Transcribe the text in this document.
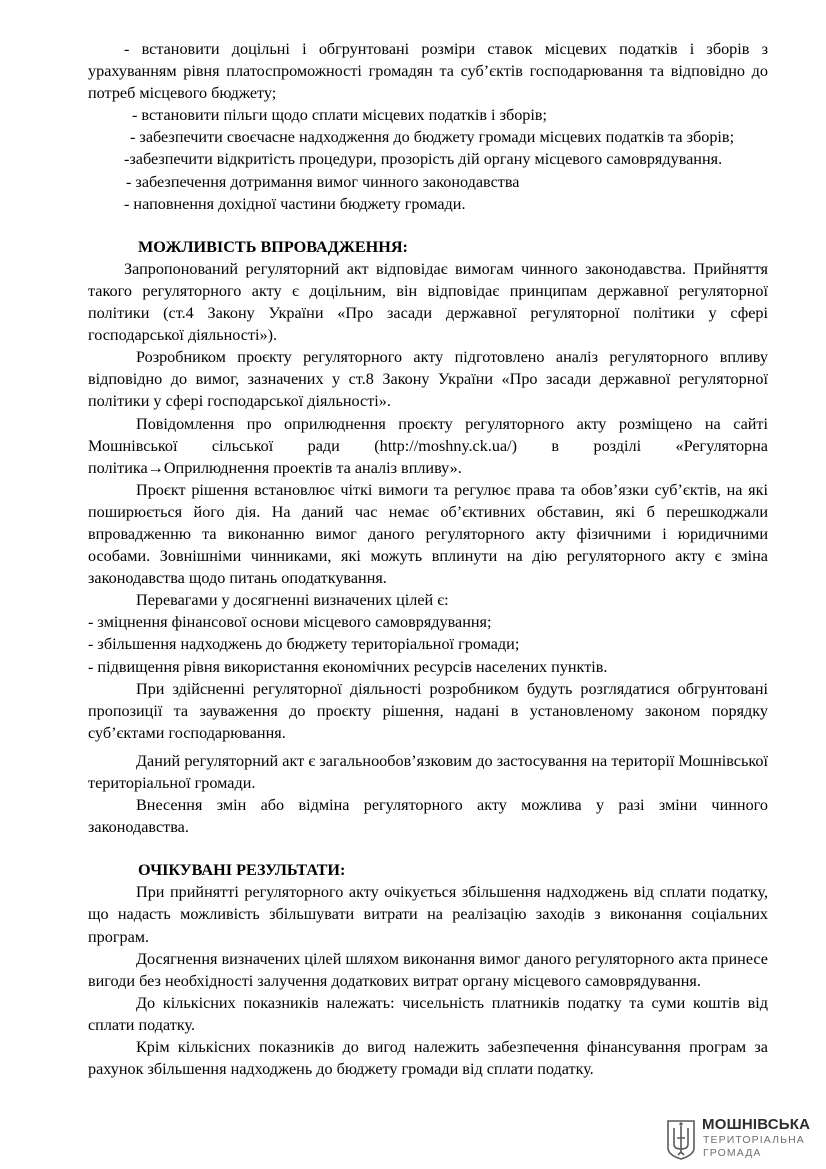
- встановити доцільні і обгрунтовані розміри ставок місцевих податків і зборів з урахуванням рівня платоспроможності громадян та суб’єктів господарювання та відповідно до потреб місцевого бюджету;

- встановити пільги щодо сплати місцевих податків і зборів;

- забезпечити своєчасне надходження до бюджету громади місцевих податків та зборів;

-забезпечити відкритість процедури, прозорість дій органу місцевого самоврядування.

- забезпечення дотримання вимог чинного законодавства

- наповнення дохідної частини бюджету громади.

МОЖЛИВІСТЬ ВПРОВАДЖЕННЯ:

Запропонований регуляторний акт відповідає вимогам чинного законодавства. Прийняття такого регуляторного акту є доцільним, він відповідає принципам державної регуляторної політики (ст.4 Закону України «Про засади державної регуляторної політики у сфері господарської діяльності»).

Розробником проєкту регуляторного акту підготовлено аналіз регуляторного впливу відповідно до вимог, зазначених у ст.8 Закону України «Про засади державної регуляторної політики у сфері господарської діяльності».

Повідомлення про оприлюднення проєкту регуляторного акту розміщено на сайті Мошнівської сільської ради (http://moshny.ck.ua/) в розділі «Регуляторна політика→Оприлюднення проектів та аналіз впливу».

Проєкт рішення встановлює чіткі вимоги та регулює права та обов’язки суб’єктів, на які поширюється його дія. На даний час немає об’єктивних обставин, які б перешкоджали впровадженню та виконанню вимог даного регуляторного акту фізичними і юридичними особами. Зовнішніми чинниками, які можуть вплинути на дію регуляторного акту є зміна законодавства щодо питань оподаткування.

Перевагами у досягненні визначених цілей є:

- зміцнення фінансової основи місцевого самоврядування;

- збільшення надходжень до бюджету територіальної громади;

- підвищення рівня використання економічних ресурсів населених пунктів.

При здійсненні регуляторної діяльності розробником будуть розглядатися обгрунтовані пропозиції та зауваження до проєкту рішення, надані в установленому законом порядку суб’єктами господарювання.

Даний регуляторний акт є загальнообов’язковим до застосування на території Мошнівської територіальної громади.

Внесення змін або відміна регуляторного акту можлива у разі зміни чинного законодавства.

ОЧІКУВАНІ РЕЗУЛЬТАТИ:

При прийнятті регуляторного акту очікується збільшення надходжень від сплати податку, що надасть можливість збільшувати витрати на реалізацію заходів з виконання соціальних програм.

Досягнення визначених цілей шляхом виконання вимог даного регуляторного акта принесе вигоди без необхідності залучення додаткових витрат органу місцевого самоврядування.

До кількісних показників належать: чисельність платників податку та суми коштів від сплати податку.

Крім кількісних показників до вигод належить забезпечення фінансування програм за рахунок збільшення надходжень до бюджету громади від сплати податку.

МОШНІВСЬКА
ТЕРИТОРІАЛЬНА
ГРОМАДА
